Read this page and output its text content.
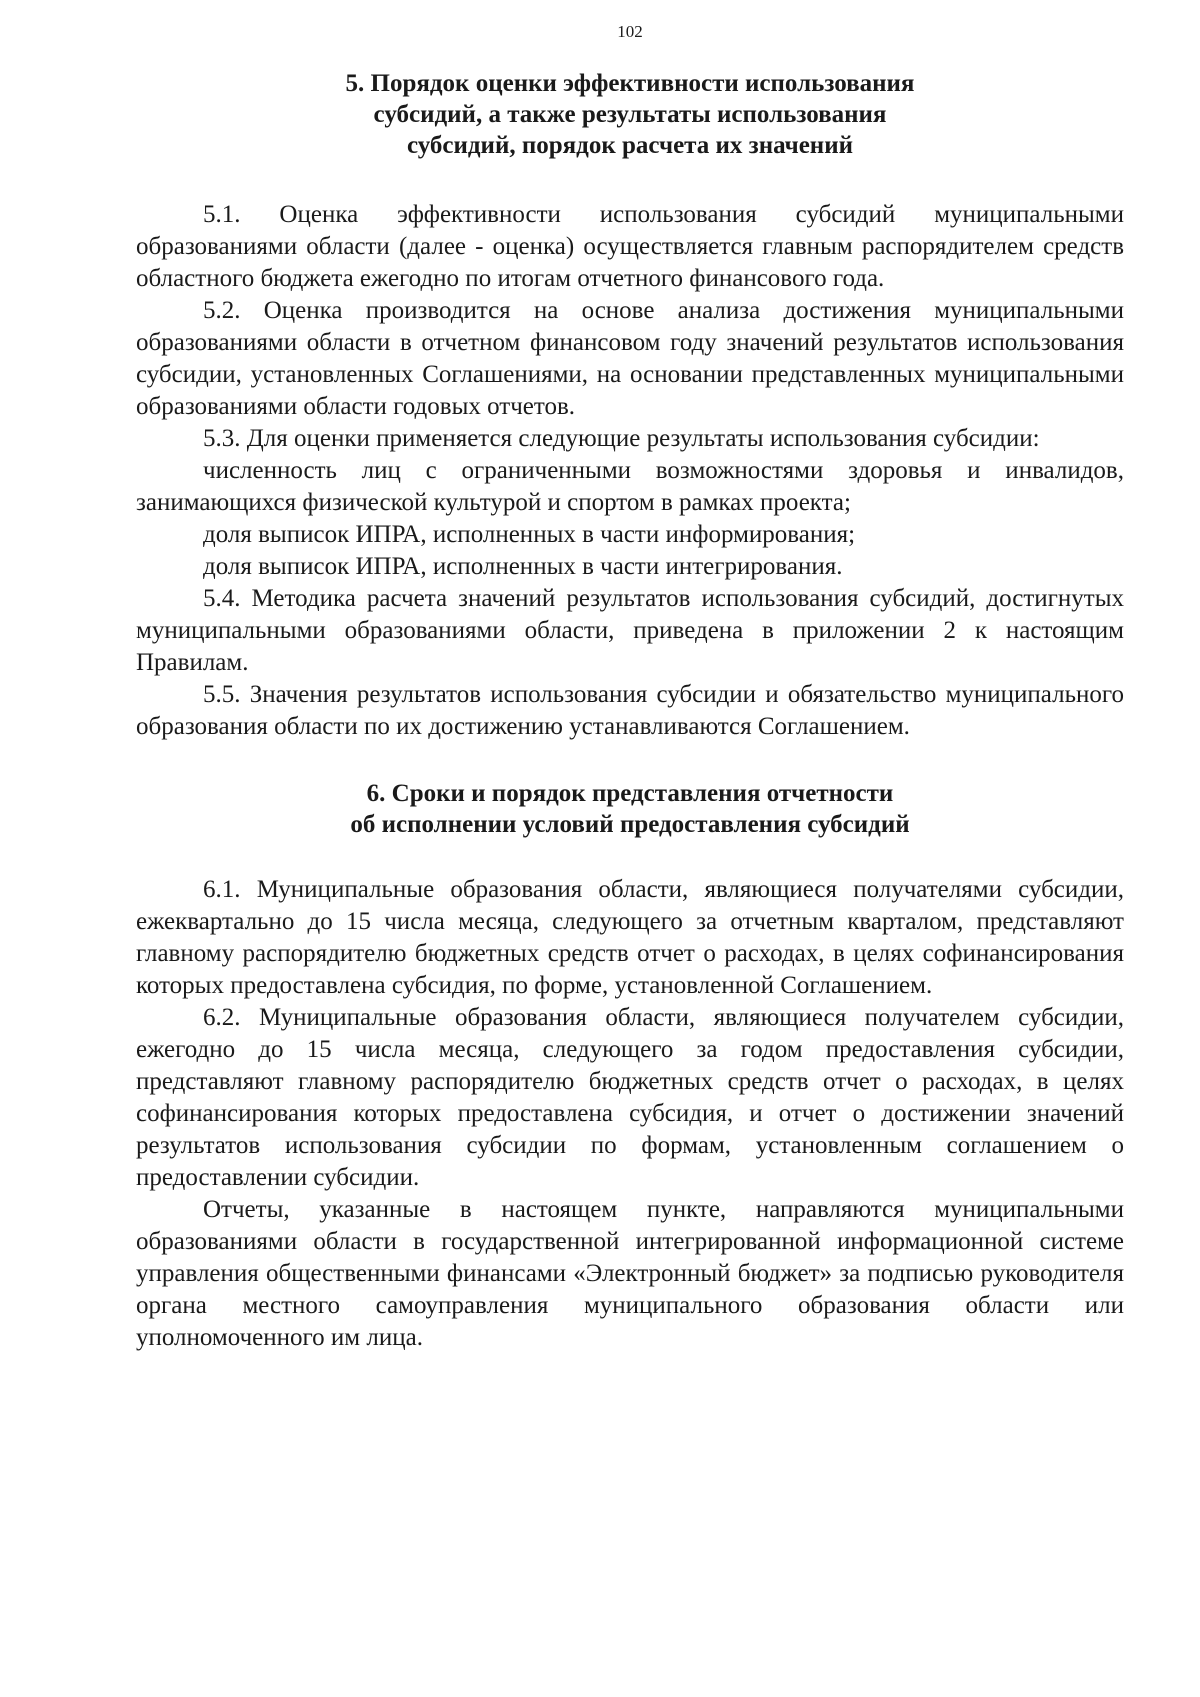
102
5. Порядок оценки эффективности использования
субсидий, а также результаты использования
субсидий, порядок расчета их значений

5.1. Оценка эффективности использования субсидий муниципальными образованиями области (далее - оценка) осуществляется главным распорядителем средств областного бюджета ежегодно по итогам отчетного финансового года.

5.2. Оценка производится на основе анализа достижения муниципальными образованиями области в отчетном финансовом году значений результатов использования субсидии, установленных Соглашениями, на основании представленных муниципальными образованиями области годовых отчетов.

5.3. Для оценки применяется следующие результаты использования субсидии:

численность лиц с ограниченными возможностями здоровья и инвалидов, занимающихся физической культурой и спортом в рамках проекта;

доля выписок ИПРА, исполненных в части информирования;

доля выписок ИПРА, исполненных в части интегрирования.

5.4. Методика расчета значений результатов использования субсидий, достигнутых муниципальными образованиями области, приведена в приложении 2 к настоящим Правилам.

5.5. Значения результатов использования субсидии и обязательство муниципального образования области по их достижению устанавливаются Соглашением.

6. Сроки и порядок представления отчетности
об исполнении условий предоставления субсидий

6.1. Муниципальные образования области, являющиеся получателями субсидии, ежеквартально до 15 числа месяца, следующего за отчетным кварталом, представляют главному распорядителю бюджетных средств отчет о расходах, в целях софинансирования которых предоставлена субсидия, по форме, установленной Соглашением.

6.2. Муниципальные образования области, являющиеся получателем субсидии, ежегодно до 15 числа месяца, следующего за годом предоставления субсидии, представляют главному распорядителю бюджетных средств отчет о расходах, в целях софинансирования которых предоставлена субсидия, и отчет о достижении значений результатов использования субсидии по формам, установленным соглашением о предоставлении субсидии.

Отчеты, указанные в настоящем пункте, направляются муниципальными образованиями области в государственной интегрированной информационной системе управления общественными финансами «Электронный бюджет» за подписью руководителя органа местного самоуправления муниципального образования области или уполномоченного им лица.
